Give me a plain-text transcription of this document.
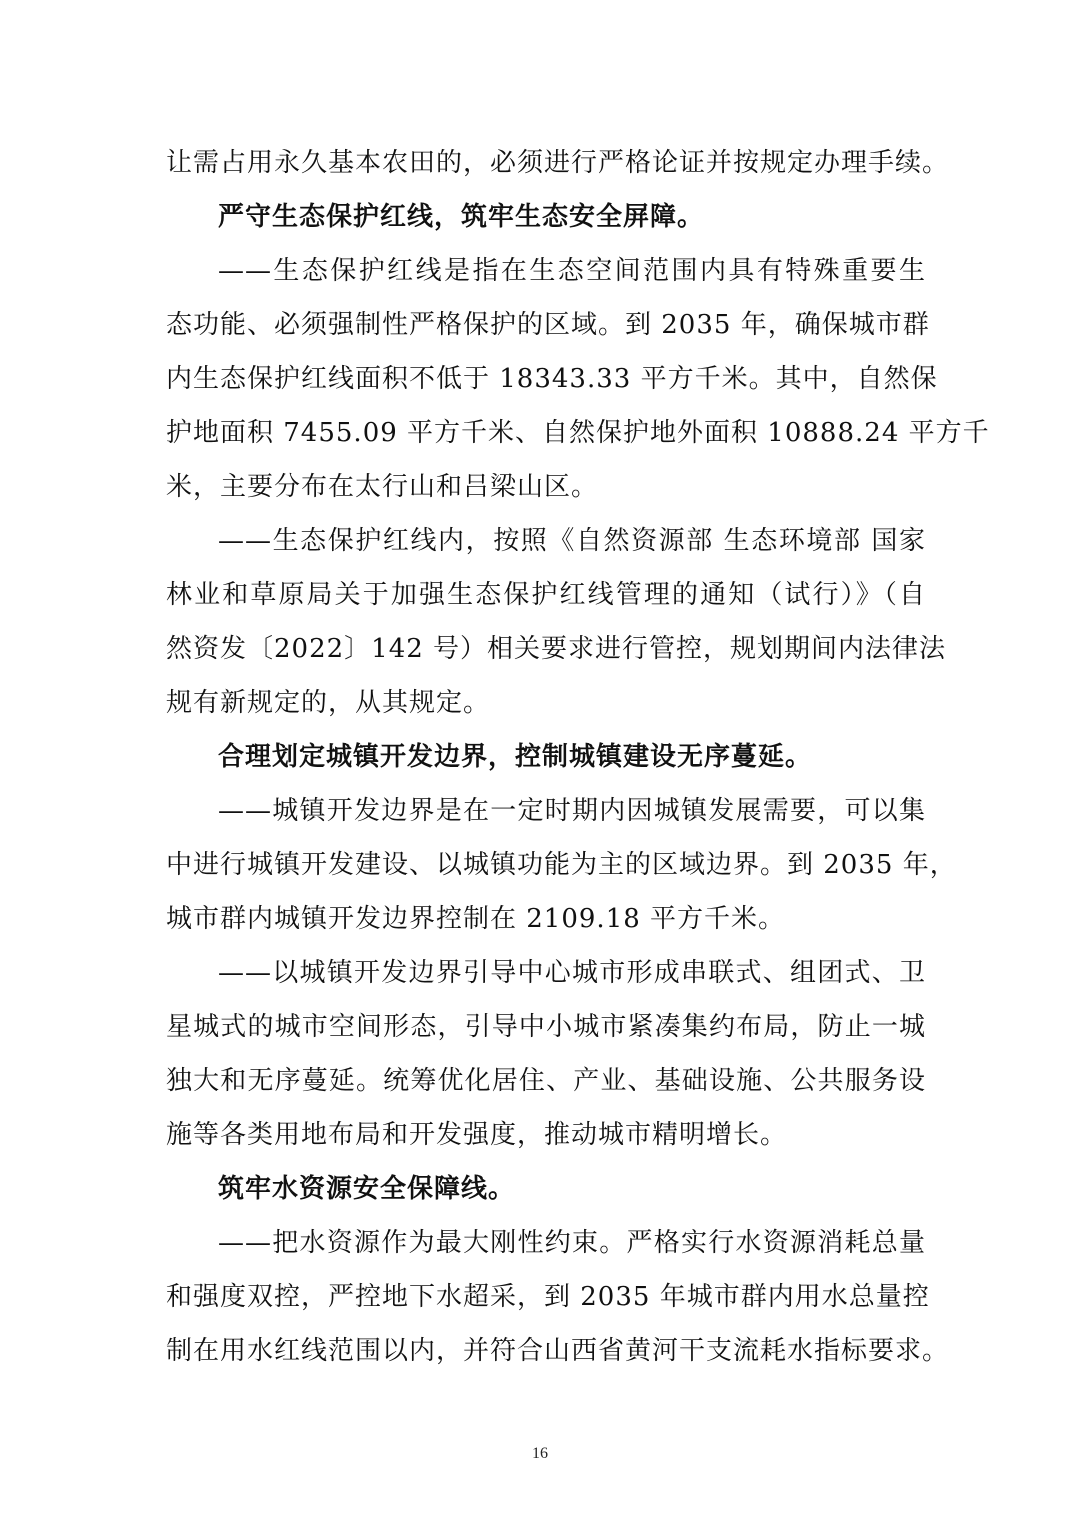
让需占用永久基本农田的，必须进行严格论证并按规定办理手续。
严守生态保护红线，筑牢生态安全屏障。
——生态保护红线是指在生态空间范围内具有特殊重要生
态功能、必须强制性严格保护的区域。到 2035 年，确保城市群
内生态保护红线面积不低于 18343.33 平方千米。其中，自然保
护地面积 7455.09 平方千米、自然保护地外面积 10888.24 平方千
米，主要分布在太行山和吕梁山区。
——生态保护红线内，按照《自然资源部 生态环境部 国家
林业和草原局关于加强生态保护红线管理的通知（试行）》（自
然资发〔2022〕142 号）相关要求进行管控，规划期间内法律法
规有新规定的，从其规定。
合理划定城镇开发边界，控制城镇建设无序蔓延。
——城镇开发边界是在一定时期内因城镇发展需要，可以集
中进行城镇开发建设、以城镇功能为主的区域边界。到 2035 年，
城市群内城镇开发边界控制在 2109.18 平方千米。
——以城镇开发边界引导中心城市形成串联式、组团式、卫
星城式的城市空间形态，引导中小城市紧凑集约布局，防止一城
独大和无序蔓延。统筹优化居住、产业、基础设施、公共服务设
施等各类用地布局和开发强度，推动城市精明增长。
筑牢水资源安全保障线。
——把水资源作为最大刚性约束。严格实行水资源消耗总量
和强度双控，严控地下水超采，到 2035 年城市群内用水总量控
制在用水红线范围以内，并符合山西省黄河干支流耗水指标要求。
16
